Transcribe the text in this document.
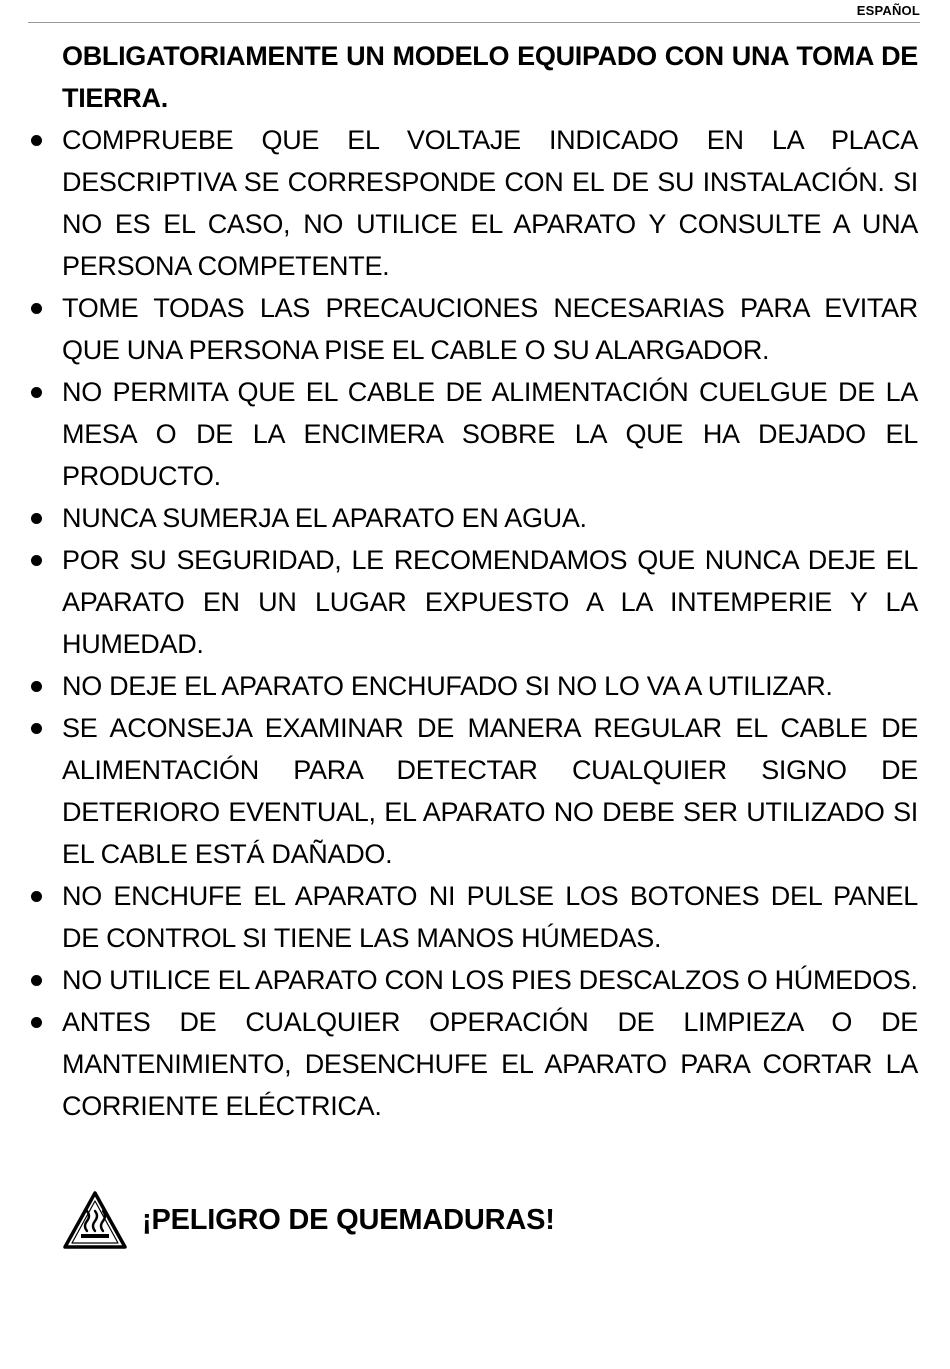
ESPAÑOL

OBLIGATORIAMENTE UN MODELO EQUIPADO CON UNA TOMA DE TIERRA.

COMPRUEBE QUE EL VOLTAJE INDICADO EN LA PLACA DESCRIPTIVA SE CORRESPONDE CON EL DE SU INSTALACIÓN. SI NO ES EL CASO, NO UTILICE EL APARATO Y CONSULTE A UNA PERSONA COMPETENTE.

TOME TODAS LAS PRECAUCIONES NECESARIAS PARA EVITAR QUE UNA PERSONA PISE EL CABLE O SU ALARGADOR.

NO PERMITA QUE EL CABLE DE ALIMENTACIÓN CUELGUE DE LA MESA O DE LA ENCIMERA SOBRE LA QUE HA DEJADO EL PRODUCTO.

NUNCA SUMERJA EL APARATO EN AGUA.

POR SU SEGURIDAD, LE RECOMENDAMOS QUE NUNCA DEJE EL APARATO EN UN LUGAR EXPUESTO A LA INTEMPERIE Y LA HUMEDAD.

NO DEJE EL APARATO ENCHUFADO SI NO LO VA A UTILIZAR.

SE ACONSEJA EXAMINAR DE MANERA REGULAR EL CABLE DE ALIMENTACIÓN PARA DETECTAR CUALQUIER SIGNO DE DETERIORO EVENTUAL, EL APARATO NO DEBE SER UTILIZADO SI EL CABLE ESTÁ DAÑADO.

NO ENCHUFE EL APARATO NI PULSE LOS BOTONES DEL PANEL DE CONTROL SI TIENE LAS MANOS HÚMEDAS.

NO UTILICE EL APARATO CON LOS PIES DESCALZOS O HÚMEDOS.

ANTES DE CUALQUIER OPERACIÓN DE LIMPIEZA O DE MANTENIMIENTO, DESENCHUFE EL APARATO PARA CORTAR LA CORRIENTE ELÉCTRICA.

¡PELIGRO DE QUEMADURAS!
